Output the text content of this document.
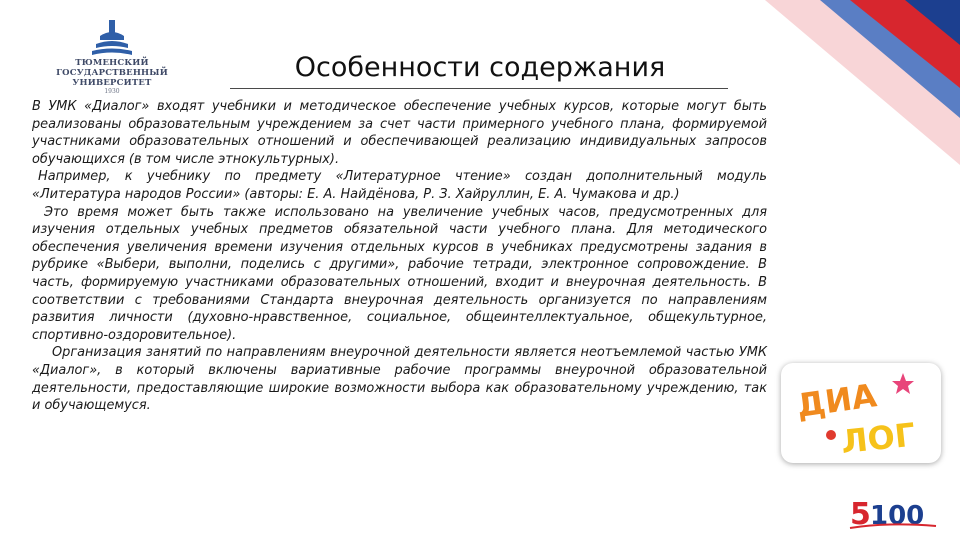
ТЮМЕНСКИЙ ГОСУДАРСТВЕННЫЙ
УНИВЕРСИТЕТ
1930
Особенности содержания

В УМК «Диалог» входят учебники и методическое обеспечение учебных курсов, которые могут быть реализованы образовательным учреждением за счет части примерного учебного плана, формируемой участниками образовательных отношений и обеспечивающей реализацию индивидуальных запросов обучающихся (в том числе этнокультурных).

Например, к учебнику по предмету «Литературное чтение» создан дополнительный модуль «Литература народов России» (авторы: Е. А. Найдёнова, Р. З. Хайруллин, Е. А. Чумакова и др.)

Это время может быть также использовано на увеличение учебных часов, предусмотренных для изучения отдельных учебных предметов обязательной части учебного плана. Для методического обеспечения увеличения времени изучения отдельных курсов в учебниках предусмотрены задания в рубрике «Выбери, выполни, поделись с другими», рабочие тетради, электронное сопровождение. В часть, формируемую участниками образовательных отношений, входит и внеурочная деятельность. В соответствии с требованиями Стандарта внеурочная деятельность организуется по направлениям развития личности (духовно-нравственное, социальное, общеинтеллектуальное, общекультурное, спортивно-оздоровительное).

Организация занятий по направлениям внеурочной деятельности является неотъемлемой частью УМК «Диалог», в который включены вариативные рабочие программы внеурочной образовательной деятельности, предоставляющие широкие возможности выбора как образовательному учреждению, так и обучающемуся.	ДИА
ЛОГ
5 100
